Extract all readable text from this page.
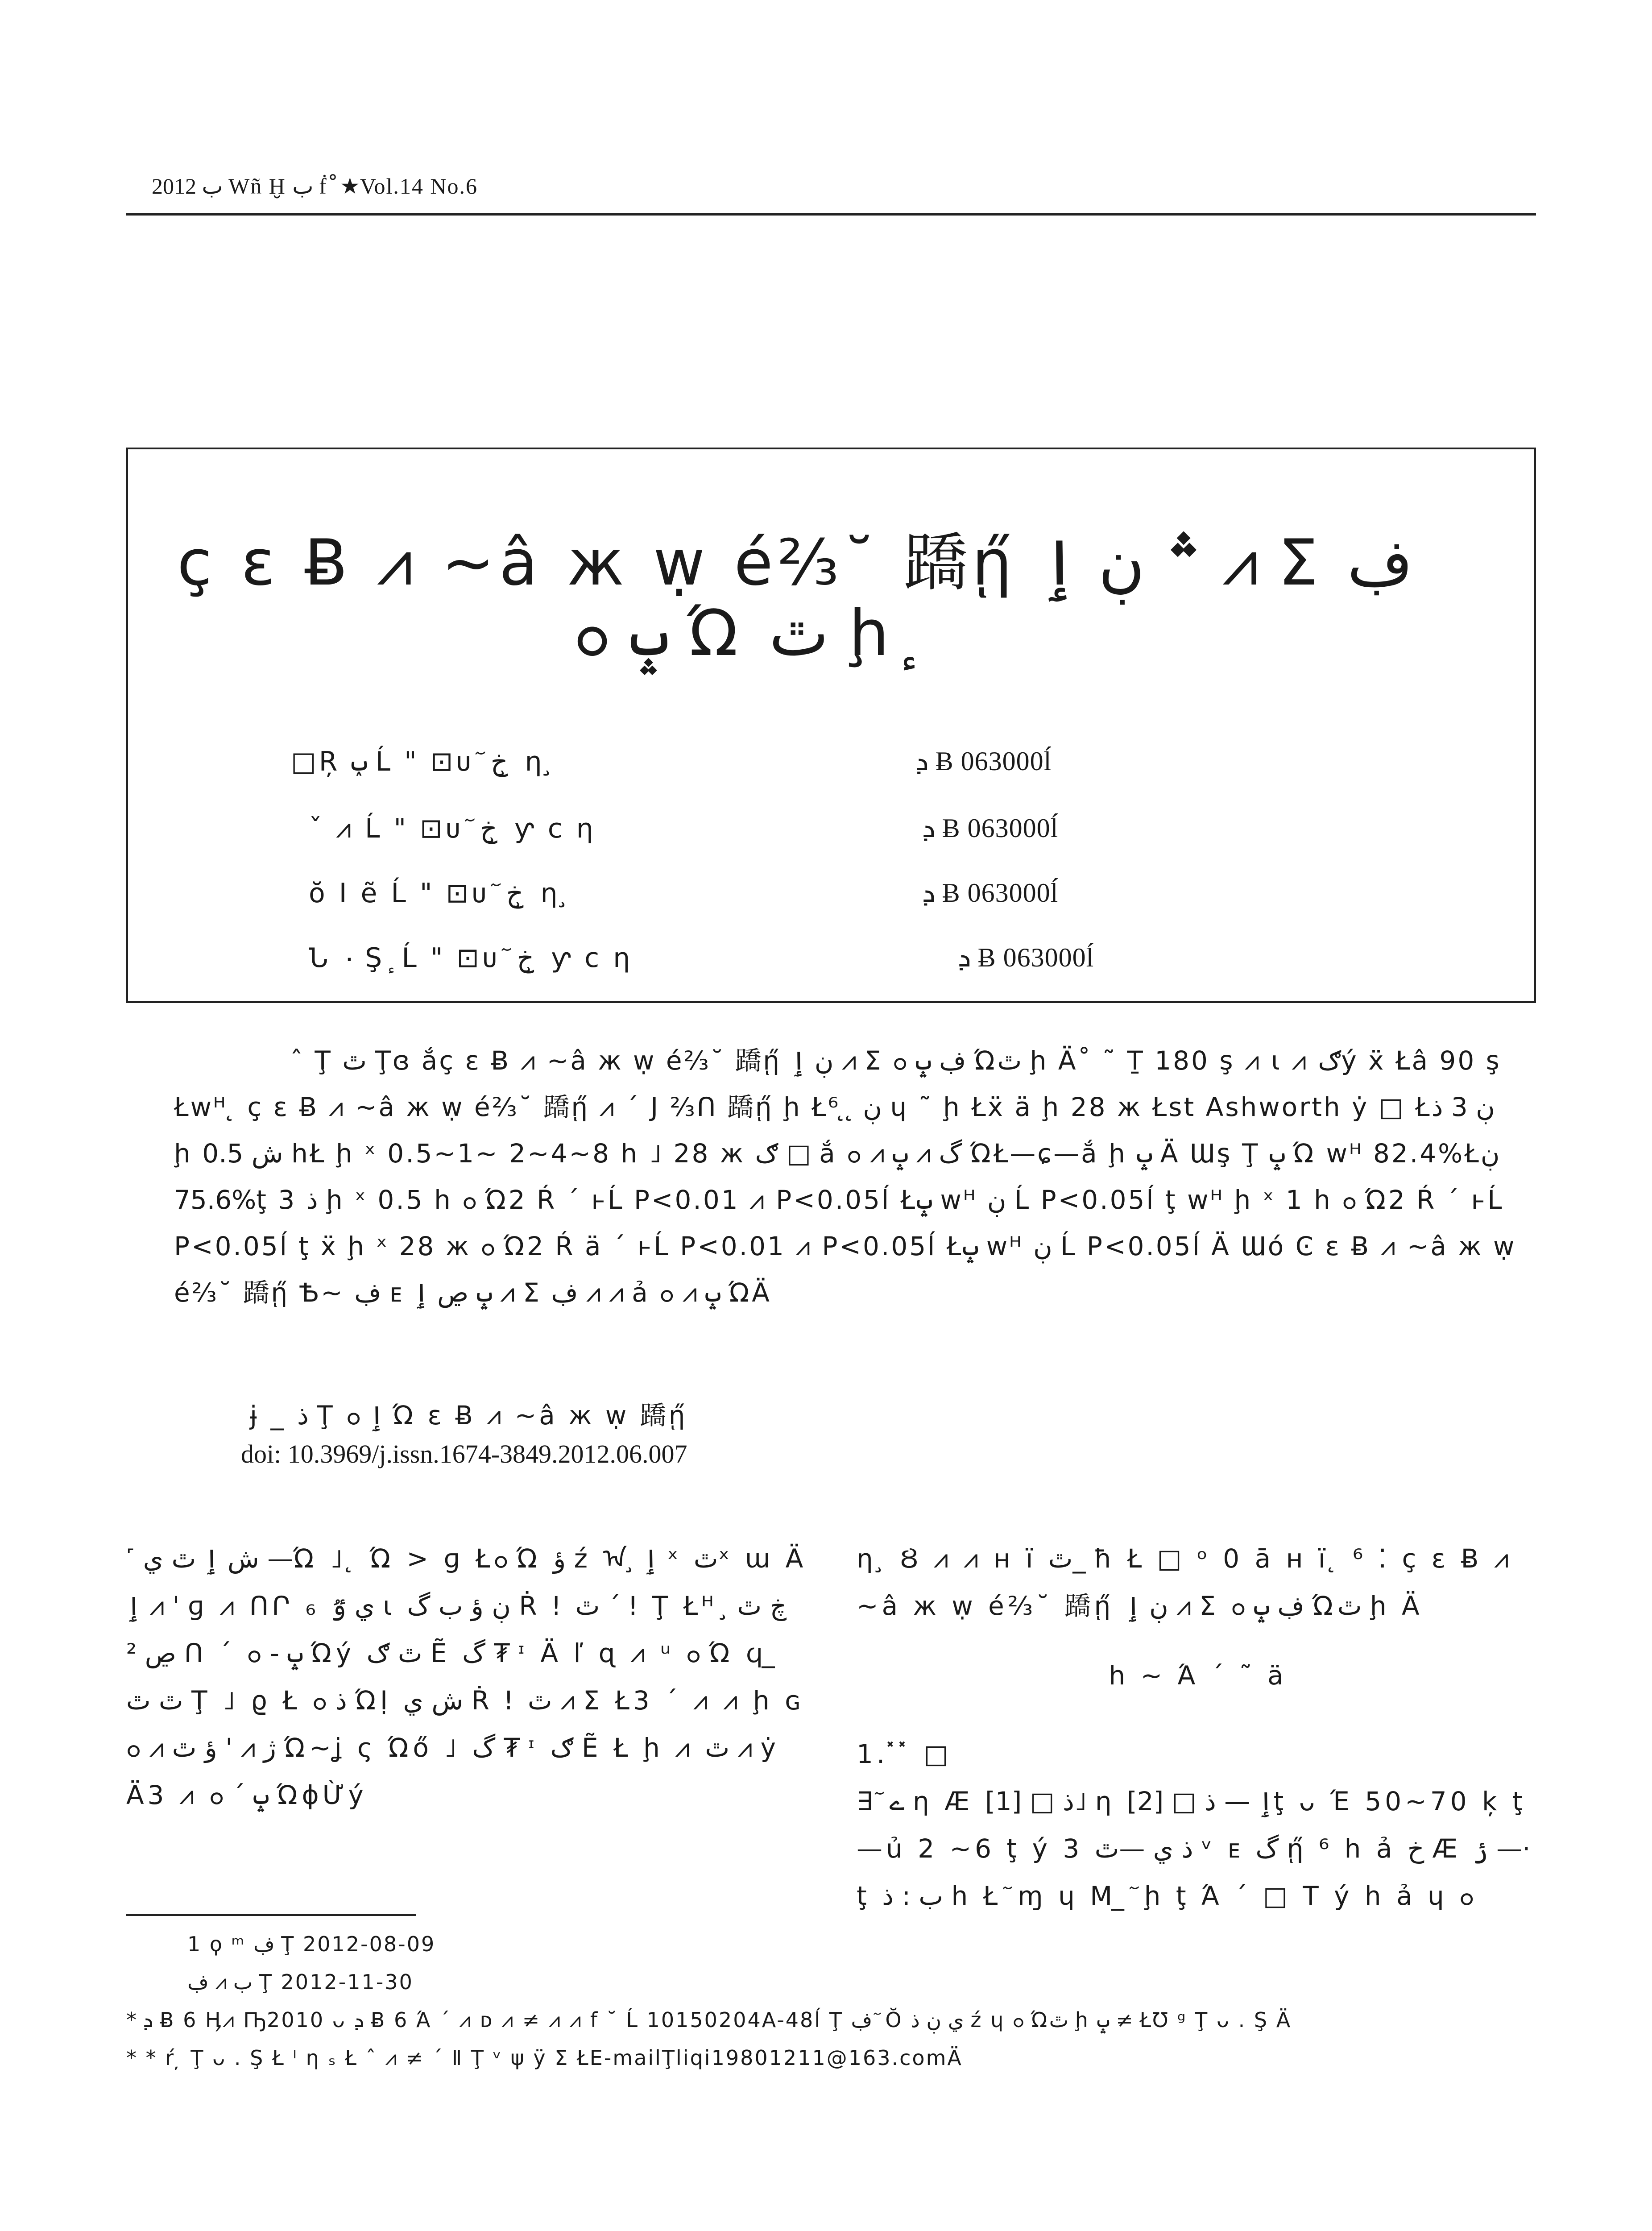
2012 ب Wñ Ḫ ب ḟ ْ ★Vol.14 No.6
ç ɛ Ƀ ⩘ ~â ж ẉ é⅔˘ 蹻ῃ̋ ؞ ڹ ٳ ⩘ Σ ڣ
ݒ ߋ Ώ ٿ ḩ ٕ
□Ŗ ݕ Ĺ " ⊡ᴜ ٓ ﺥ ̧ η ̧	ܕ Ƀ 063000ĺ
ˇ ⩘ Ĺ " ⊡ᴜ ٓ ﺥ ̧ ƴ c η	ܕ Ƀ 063000ĺ
ŏ Ӏ ẽ Ĺ " ⊡ᴜ ٓ ﺥ ̧ η ̧	ܕ Ƀ 063000ĺ
Ն ٠ Ş ٕ Ĺ " ⊡ᴜ ٓ ﺥ ̧ ƴ c η	ܕ Ƀ 063000ĺ

ˆ Ţ ٿ Ţɞ ắç ɛ Ƀ ⩘ ~â ж ẉ é⅔˘ 蹻ῃ̋ ڹ ٳ ⩘ Σ ڣ ݒ ߋ Ώٿ ḩ Ä˚ ˜ Ṯ 180 ş ⩘ ɩ ⩘ ګý ẍ Łâ 90 ş Łwᵸ ̨ ç ɛ Ƀ ⩘ ~â ж ẉ é⅔˘ 蹻ῃ̋ ⩘ ˊ J ⅔Ո 蹻ῃ̋ ḩ Łڹ ̨ ̨ ⁶ ɥ ˜ ḩ Łẍ ä ḩ 28 ж Łst Ashworth ẏ □ Łڹ 3 ذ ḩ ش 0.5 hŁ ḩ ˣ 0.5~1~ 2~4~8 h ˩ 28 ж ګ □ ắ گ ⩘ ݒ ⩘ ߋ ΏŁ—ɕ—ắ ḩ ݒ Ä Ɯş Ţ ݒ Ώ wᵸ 82.4%Łڹ 75.6%ţ 3 ذ ḩ ˣ 0.5 h ߋ Ώ2 Ŕ ˊ ⱶĹ P<0.01 ⩘ P<0.05ĺ Łݒ wᵸ ڹ Ĺ P<0.05ĺ ţ wᵸ ḩ ˣ 1 h ߋ Ώ2 Ŕ ˊ ⱶĹ P<0.05ĺ ţ ẍ ḩ ˣ 28 ж ߋ Ώ2 Ŕ ä ˊ ⱶĹ P<0.01 ⩘ P<0.05ĺ Łݒ wᵸ ڹ Ĺ P<0.05ĺ Ä Ɯó Ͼ ɛ Ƀ ⩘ ~â ж ẉ é⅔˘ 蹻ῃ̋ Ѣ~ ڣ ᴇ ݒ ڝ ٳ ⩘ Σ ڣ ⩘ ⩘ ả ݒ ⩘ ߋ ΏÄ

ɉ _ ذ Ţ ٳ ߋ Ώ ɛ Ƀ ⩘ ~â ж ẉ 蹻ῃ̋
doi: 10.3969/j.issn.1674-3849.2012.06.007

˹ ش ٳ ٿ ي —Ώ ˩ ̨ Ώ > ɡ Łߋ Ώ ؤ ź ᠠ ̧ ٳ ˣ ٿˣ ɯ Ä ٳ ⩘ ' ɡ ⩘ ՈՐ ₆ ي ٷ ɩ ڹ ؤ ب گ Ṙ ǃ ٿ ˊ ǃ Ţ Łᴴ ڿ ٿ ̧ ڝ ² Ո ˊ ݒ - ߋ Ώý ٿ ګ Ẽ گ ₮ ᶦ Ä ľ ɋ ⩘ ᵘ ߋ Ώ ϥ ̲ ٿ ٿ Ţ ˩ ϱ Ł ذ ߋ ΏỊ ش ي Ṙ ǃ ٿ ⩘ Σ Ł3 ˊ ⩘ ⩘ ḩ ɢ ژ ⩘ ' ؤ ٿ ⩘ ߋ Ώ~ʝ ς Ώő ˩ گ ₮ ᶦ ګ Ẽ Ł ḩ ⩘ ٿ ⩘ ẏ Ä3 ⩘ ݒ ˊ ߋ ΏɸỪý

η ̧ Ȣ ⩘ ⩘ ʜ ï ٿ_ ħ Ł □ ᵒ 0 ā ʜ ï ̨ ⁶ ⁚ ç ɛ Ƀ ⩘ ~â ж ẉ é⅔˘ 蹻ῃ̋ ڹ ٳ ⩘ Σ ڣ ݒ ߋ Ώٿ ḩ Ä

h ~ Ά ˊ ˜ ä

1. ̽ ̽ □

∃ ٓ ے η Ӕ ذ □ [1]˩ η ٳ — ذ □ [2]ţ ᴗ Έ 50~70 ķ ţ—ủ 2 ~6 ţ ý 3 ذ ي —ٿ ᵛ ᴇ گ ῃ̋ ⁶ h ả ﺥ Ӕ ݬ —· ţ ب : ذ h Ł ٓ ɱ ɥ M ̲ ٓ ḩ ţ Ά ˊ □ T ý h ả ɥ ߋ

1 ϙ ᵐ ڣ Ţ 2012-08-09
ب ⩘ ڣ Ţ 2012-11-30
* ܕ Ƀ 6 Ӊ⩘ Ҧ2010 ᴗ ܕ Ƀ 6 Ά ˊ ⩘ ᴅ ⩘ ≠ ⩘ ⩘ f ˘ Ĺ 10150204A-48ĺ Ţ ڣ ٓ Ŏ ي ڹ ذ ź ɥ ߋ Ώٿ ḩ ݒ ≠ ŁƱ ᵍ Ţ ᴗ . Ş Ä
* * ŕ ̦ Ţ ᴗ . Ş Ł ᴵ η ₛ Ł ˆ ⩘ ≠ ˊ Ⅱ Ţ ᵛ ψ ÿ Σ ŁE-mailŢliqi19801211@163.comÄ
